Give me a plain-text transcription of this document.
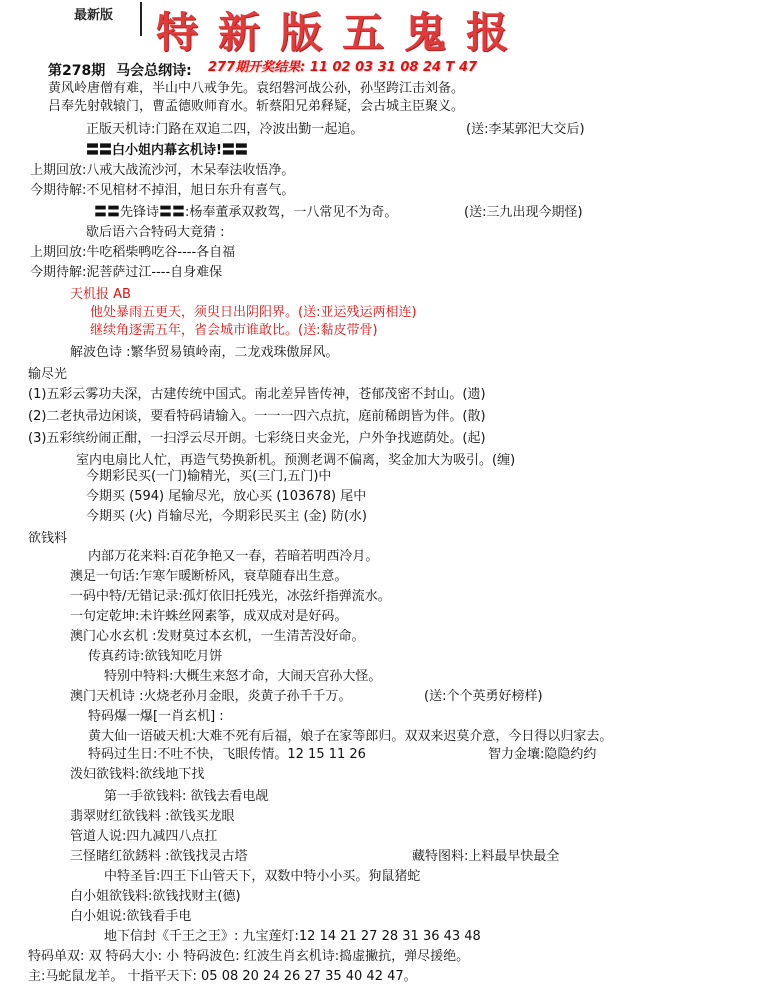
最新版 特新版五鬼报
第278期 马会总纲诗: 277期开奖结果: 11 02 03 31 08 24 T 47
黄风岭唐僧有难，半山中八戒争先。袁绍磐河战公孙，孙坚跨江击刘备。
吕奉先射戟辕门，曹孟德败师育水。斩蔡阳兄弟释疑，会古城主臣聚义。
正版天机诗:门路在双追二四，冷波出勤一起追。	(送:李某郭汜大交后)
〓〓白小姐内幕玄机诗!〓〓
上期回放:八戒大战流沙河，木呆奉法收悟净。
今期待解:不见棺材不掉泪，旭日东升有喜气。
〓〓先锋诗〓〓:杨奉董承双救驾，一八常见不为奇。	(送:三九出现今期怪)
歇后语六合特码大竟猜 :
上期回放:牛吃稻柴鸭吃谷----各自福
今期待解:泥菩萨过江----自身难保
天机报 AB
他处暴雨五更天，须臾日出阴阳界。(送:亚运残运两相连)
继续角逐需五年，省会城市谁敢比。(送:黏皮带骨)
解波色诗 :繁华贸易镇岭南，二龙戏珠傲屏风。
输尽光
(1)五彩云雾功夫深，古建传统中国式。南北差异皆传神，苍郁茂密不封山。(遗)
(2)二老执帚边闲谈，要看特码请输入。一一一四六点抗，庭前稀朗皆为伴。(散)
(3)五彩缤纷闹正酣，一扫浮云尽开朗。七彩绕日夹金光，户外争找遮荫处。(起)
室内电扇比人忙，再造气势换新机。预测老调不偏离，奖金加大为吸引。(缠)
今期彩民买(一门)输精光，买(三门,五门)中
今期买 (594) 尾输尽光，放心买 (103678) 尾中
今期买 (火) 肖输尽光，今期彩民买主 (金) 防(水)
欲钱料
内部万花来料:百花争艳又一春，若暗若明西冷月。
澳足一句话:乍寒乍暖断桥风，衰草随春出生意。
一码中特/无错记录:孤灯依旧托残光，冰弦纤指弹流水。
一句定乾坤:未许蛛丝网素筝，成双成对是好码。
澳门心水玄机 :发财莫过本玄机，一生清苦没好命。
传真药诗:欲钱知吃月饼
特别中特料:大概生来怒才命，大闹天宫孙大怪。
澳门天机诗 :火烧老孙月金眼，炎黄子孙千千万。	(送:个个英勇好榜样)
特码爆一爆[一肖玄机] :
黄大仙一语破天机:大难不死有后福，娘子在家等郎归。双双来迟莫介意，今日得以归家去。
特码过生日:不吐不快，飞眼传情。12 15 11 26	智力金壤:隐隐约约
泼妇欲钱料:欲线地下找
第一手欲钱料: 欲钱去看电觇
翡翠财红欲钱料 :欲钱买龙眼
管道人说:四九减四八点扛
三怪睹红欲銹料 :欲钱找灵古塔	藏特图料:上料最早快最全
中特圣旨:四王下山管天下，双数中特小小买。狗鼠猪蛇
白小姐欲钱料:欲钱找财主(德)
白小姐说:欲钱看手电
地下信封《千王之王》: 九宝莲灯:12 14 21 27 28 31 36 43 48
特码单双: 双 特码大小: 小 特码波色: 红波生肖玄机诗:捣虚撇抗，弹尽援绝。
主:马蛇鼠龙羊。 十指平天下: 05 08 20 24 26 27 35 40 42 47。
